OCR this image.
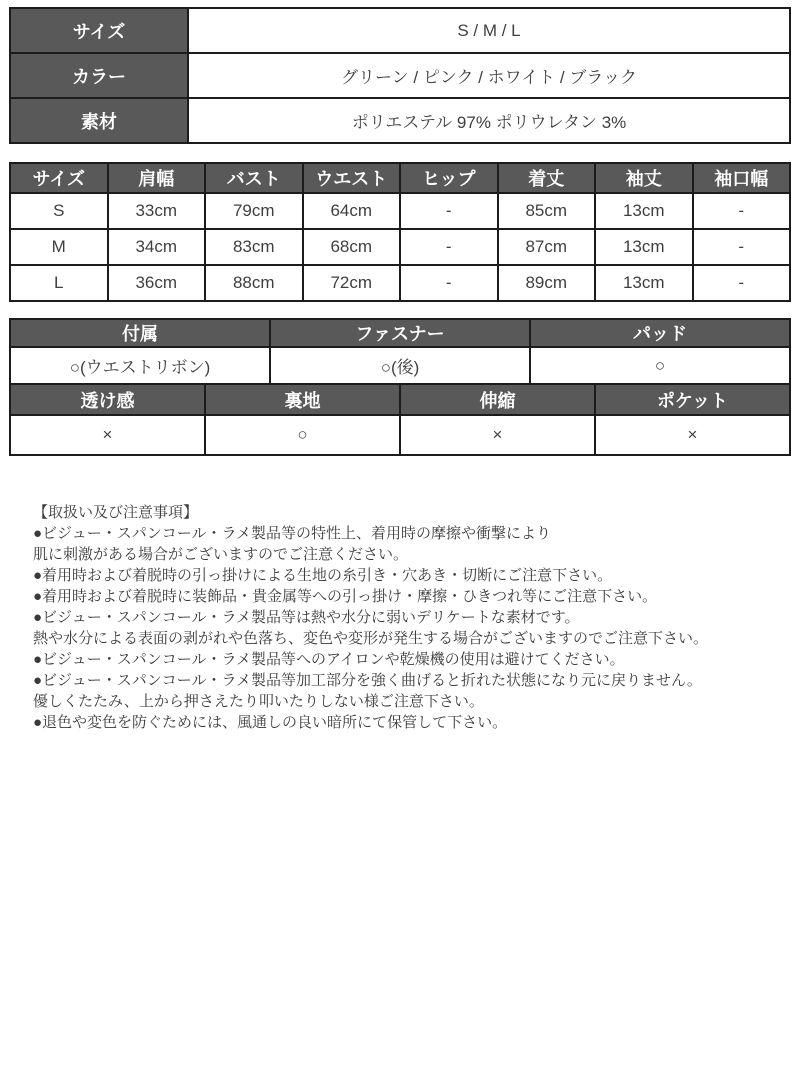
サイズ	S / M / L
カラー	グリーン / ピンク / ホワイト / ブラック
素材	ポリエステル 97% ポリウレタン 3%
サイズ	肩幅	バスト	ウエスト	ヒップ	着丈	袖丈	袖口幅
S	33cm	79cm	64cm	-	85cm	13cm	-
M	34cm	83cm	68cm	-	87cm	13cm	-
L	36cm	88cm	72cm	-	89cm	13cm	-
付属	ファスナー	パッド
○(ウエストリボン)	○(後)	○
透け感	裏地	伸縮	ポケット
×	○	×	×
【取扱い及び注意事項】
●ビジュー・スパンコール・ラメ製品等の特性上、着用時の摩擦や衝撃により
肌に刺激がある場合がございますのでご注意ください。
●着用時および着脱時の引っ掛けによる生地の糸引き・穴あき・切断にご注意下さい。
●着用時および着脱時に装飾品・貴金属等への引っ掛け・摩擦・ひきつれ等にご注意下さい。
●ビジュー・スパンコール・ラメ製品等は熱や水分に弱いデリケートな素材です。
熱や水分による表面の剥がれや色落ち、変色や変形が発生する場合がございますのでご注意下さい。
●ビジュー・スパンコール・ラメ製品等へのアイロンや乾燥機の使用は避けてください。
●ビジュー・スパンコール・ラメ製品等加工部分を強く曲げると折れた状態になり元に戻りません。
優しくたたみ、上から押さえたり叩いたりしない様ご注意下さい。
●退色や変色を防ぐためには、風通しの良い暗所にて保管して下さい。
